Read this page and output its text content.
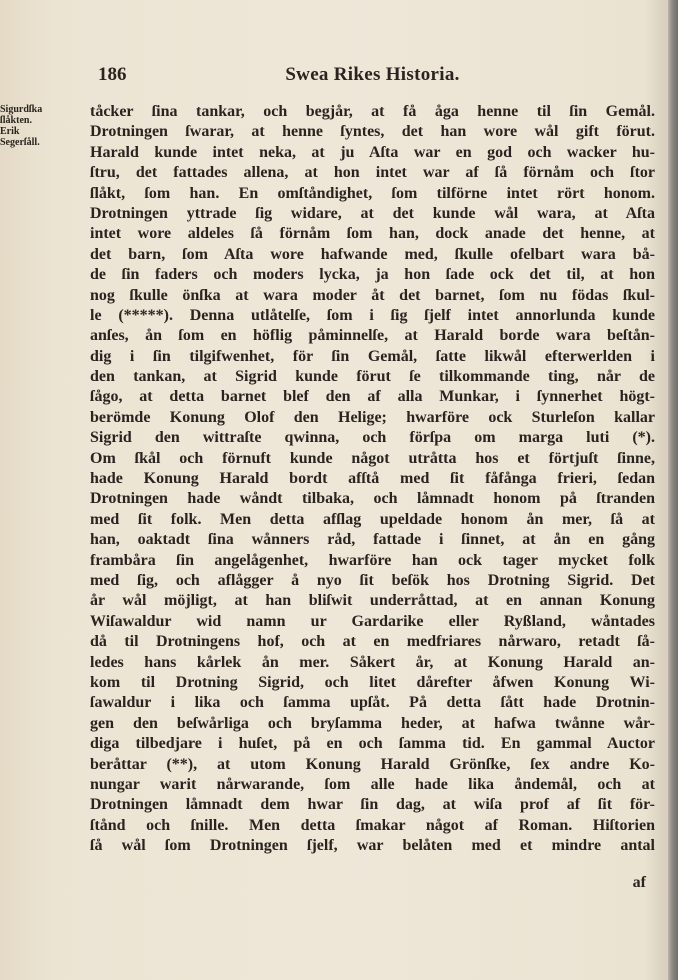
186	Swea Rikes Historia.
Sigurdſka
ſlåkten.
Erik
Segerſåll.
tåcker ſina tankar, och begjår, at få åga henne til ſin Gemål.
Drotningen ſwarar, at henne ſyntes, det han wore wål gift förut.
Harald kunde intet neka, at ju Aſta war en god och wacker hu-
ſtru, det fattades allena, at hon intet war af ſå förnåm och ſtor
ſlåkt, ſom han. En omſtåndighet, ſom tilförne intet rört honom.
Drotningen yttrade ſig widare, at det kunde wål wara, at Aſta
intet wore aldeles ſå förnåm ſom han, dock anade det henne, at
det barn, ſom Aſta wore hafwande med, ſkulle ofelbart wara bå-
de ſin faders och moders lycka, ja hon ſade ock det til, at hon
nog ſkulle önſka at wara moder åt det barnet, ſom nu födas ſkul-
le (*****). Denna utlåtelſe, ſom i ſig ſjelf intet annorlunda kunde
anſes, ån ſom en höflig påminnelſe, at Harald borde wara beſtån-
dig i ſin tilgifwenhet, för ſin Gemål, ſatte likwål efterwerlden i
den tankan, at Sigrid kunde förut ſe tilkommande ting, når de
ſågo, at detta barnet blef den af alla Munkar, i ſynnerhet högt-
berömde Konung Olof den Helige; hwarföre ock Sturleſon kallar
Sigrid den wittraſte qwinna, och förſpa om marga luti (*).
Om ſkål och förnuft kunde något utråtta hos et förtjuſt ſinne,
hade Konung Harald bordt afſtå med ſit fåfånga frieri, ſedan
Drotningen hade wåndt tilbaka, och låmnadt honom på ſtranden
med ſit folk. Men detta afſlag upeldade honom ån mer, ſå at
han, oaktadt ſina wånners råd, fattade i ſinnet, at ån en gång
frambåra ſin angelågenhet, hwarföre han ock tager mycket folk
med ſig, och aflågger å nyo ſit beſök hos Drotning Sigrid. Det
år wål möjligt, at han bliſwit underråttad, at en annan Konung
Wiſawaldur wid namn ur Gardarike eller Ryßland, wåntades
då til Drotningens hof, och at en medfriares nårwaro, retadt ſå-
ledes hans kårlek ån mer. Såkert år, at Konung Harald an-
kom til Drotning Sigrid, och litet dårefter åfwen Konung Wi-
ſawaldur i lika och ſamma upſåt. På detta ſått hade Drotnin-
gen den beſwårliga och bryſamma heder, at hafwa twånne wår-
diga tilbedjare i huſet, på en och ſamma tid. En gammal Auctor
beråttar (**), at utom Konung Harald Grönſke, ſex andre Ko-
nungar warit nårwarande, ſom alle hade lika åndemål, och at
Drotningen låmnadt dem hwar ſin dag, at wiſa prof af ſit för-
ſtånd och ſnille. Men detta ſmakar något af Roman. Hiſtorien
ſå wål ſom Drotningen ſjelf, war belåten med et mindre antal
af
